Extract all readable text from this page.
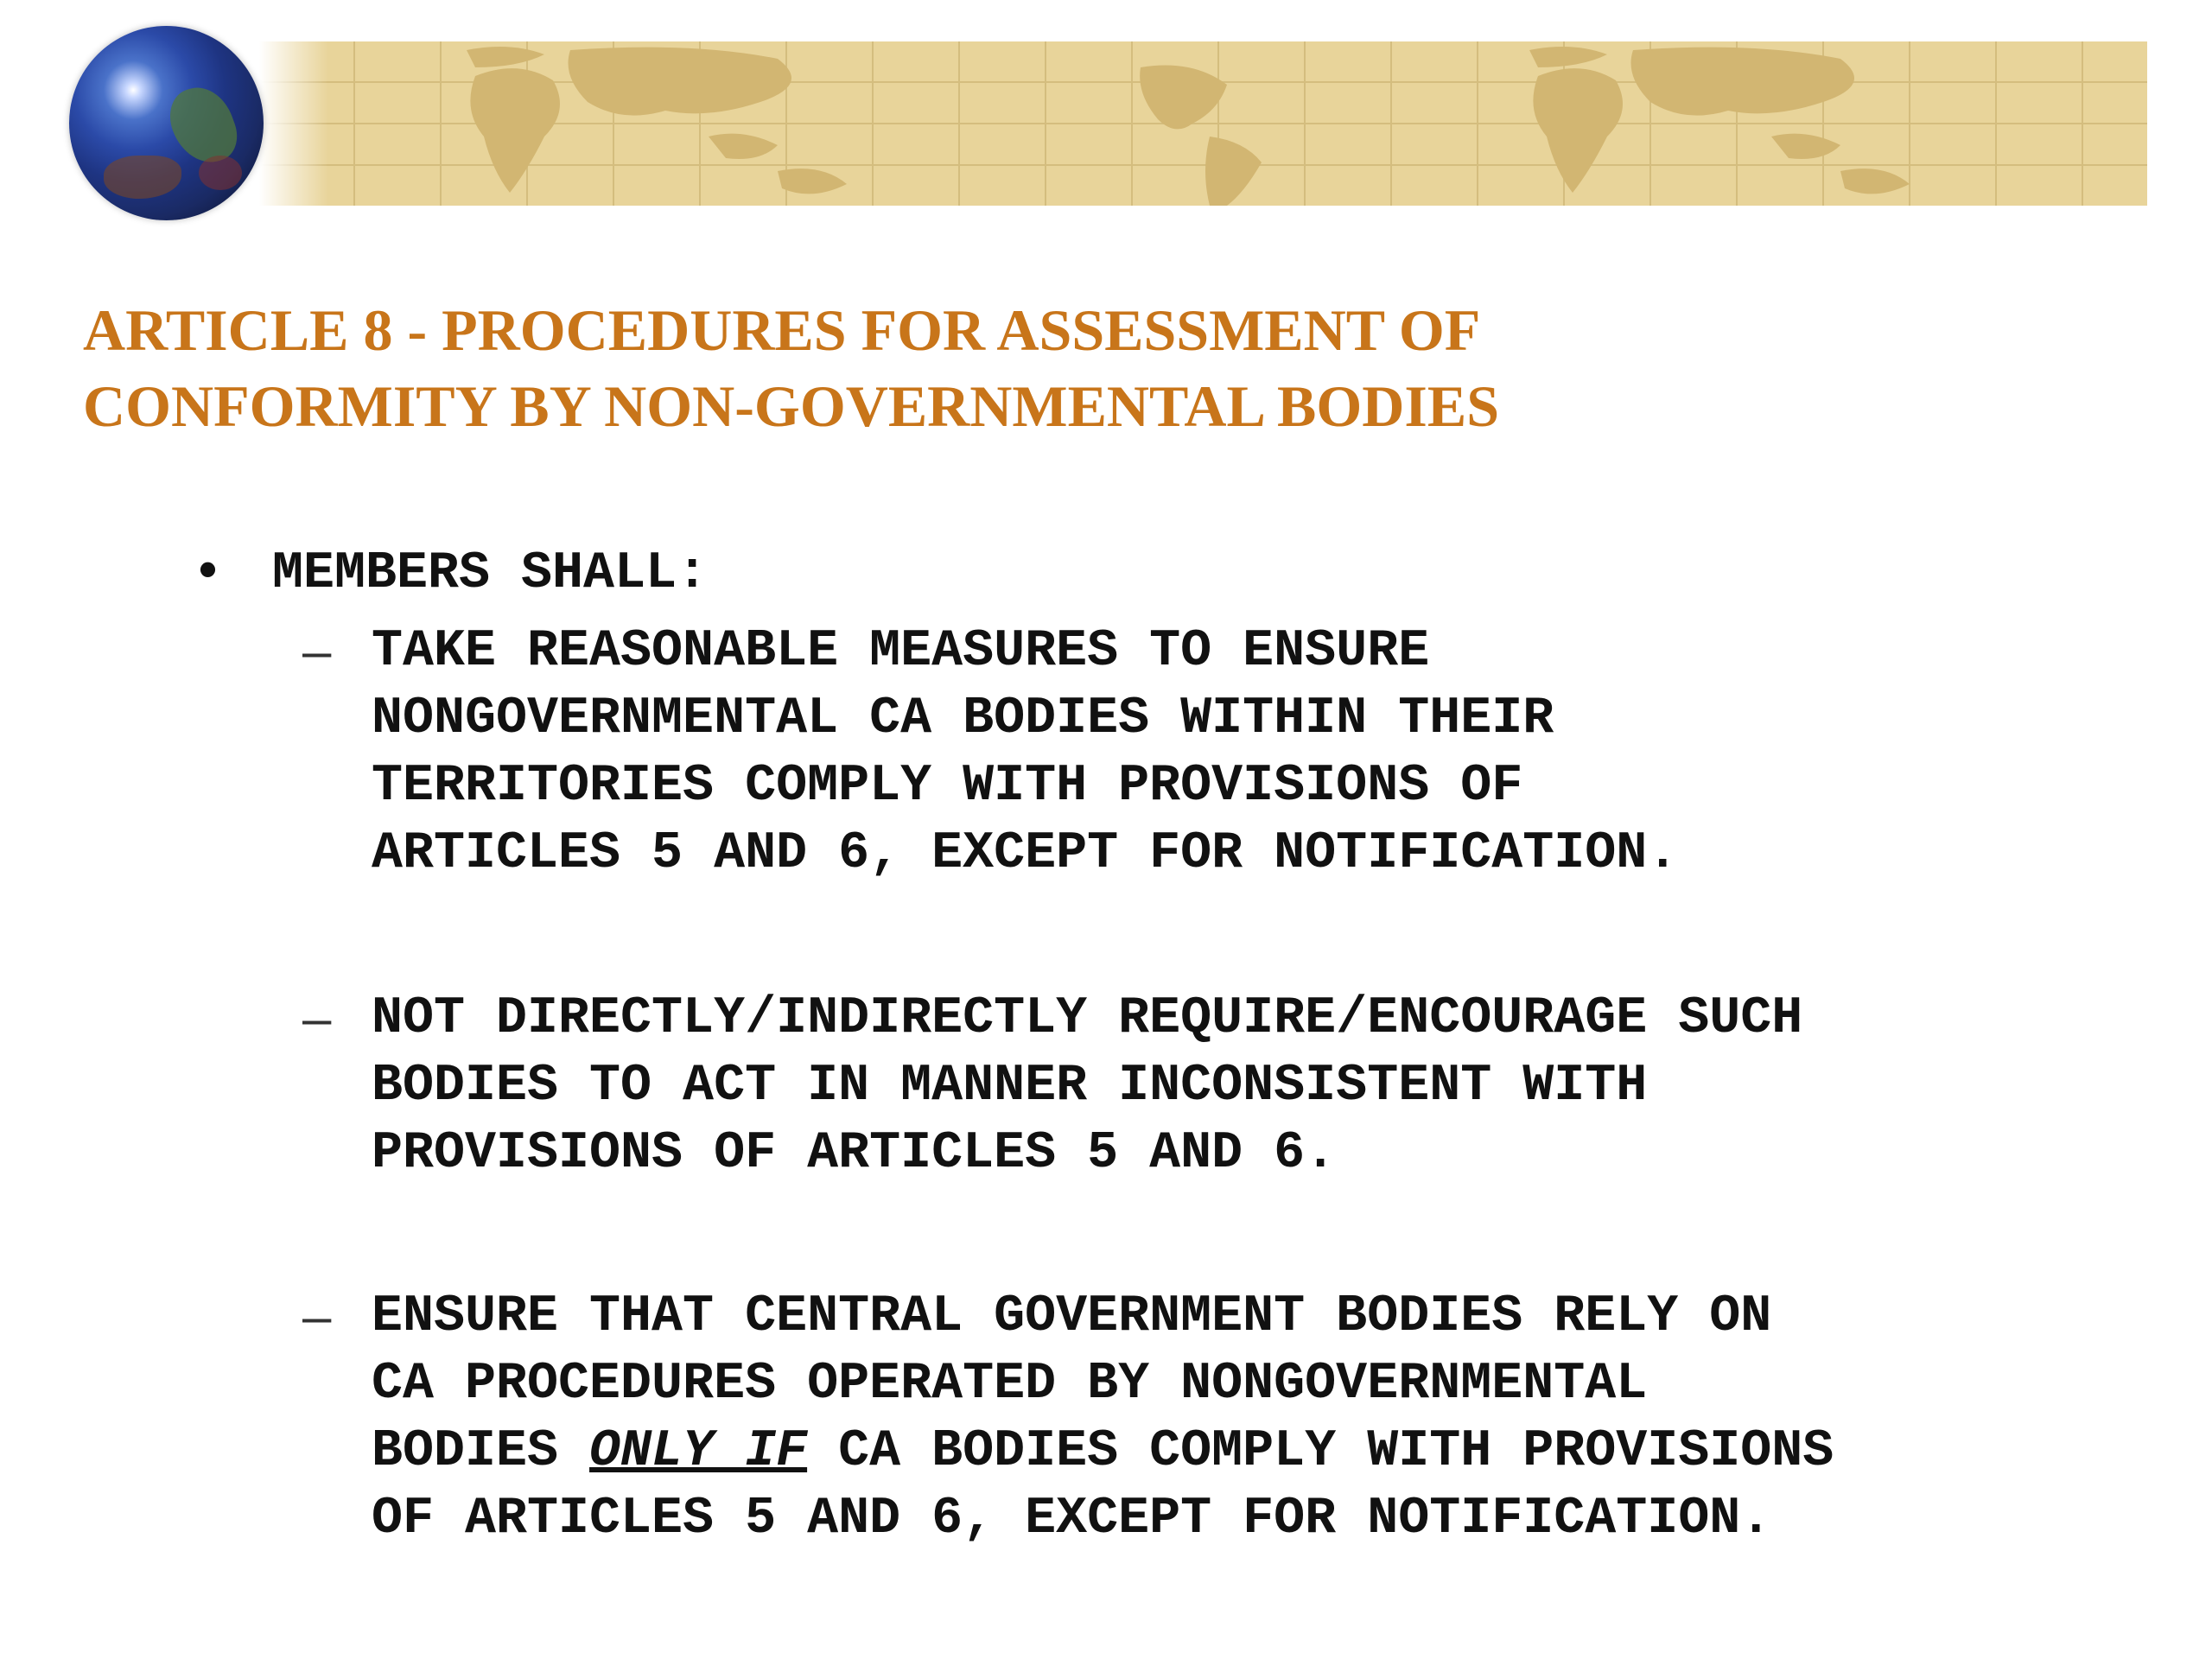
ARTICLE 8 - PROCEDURES FOR ASSESSMENT OF
CONFORMITY BY NON-GOVERNMENTAL BODIES
• MEMBERS SHALL:
– TAKE REASONABLE MEASURES TO ENSURE
NONGOVERNMENTAL CA BODIES WITHIN THEIR
TERRITORIES COMPLY WITH PROVISIONS OF
ARTICLES 5 AND 6, EXCEPT FOR NOTIFICATION.
– NOT DIRECTLY/INDIRECTLY REQUIRE/ENCOURAGE SUCH
BODIES TO ACT IN MANNER INCONSISTENT WITH
PROVISIONS OF ARTICLES 5 AND 6.
– ENSURE THAT CENTRAL GOVERNMENT BODIES RELY ON
CA PROCEDURES OPERATED BY NONGOVERNMENTAL
BODIES ONLY IF CA BODIES COMPLY WITH PROVISIONS
OF ARTICLES 5 AND 6, EXCEPT FOR NOTIFICATION.
